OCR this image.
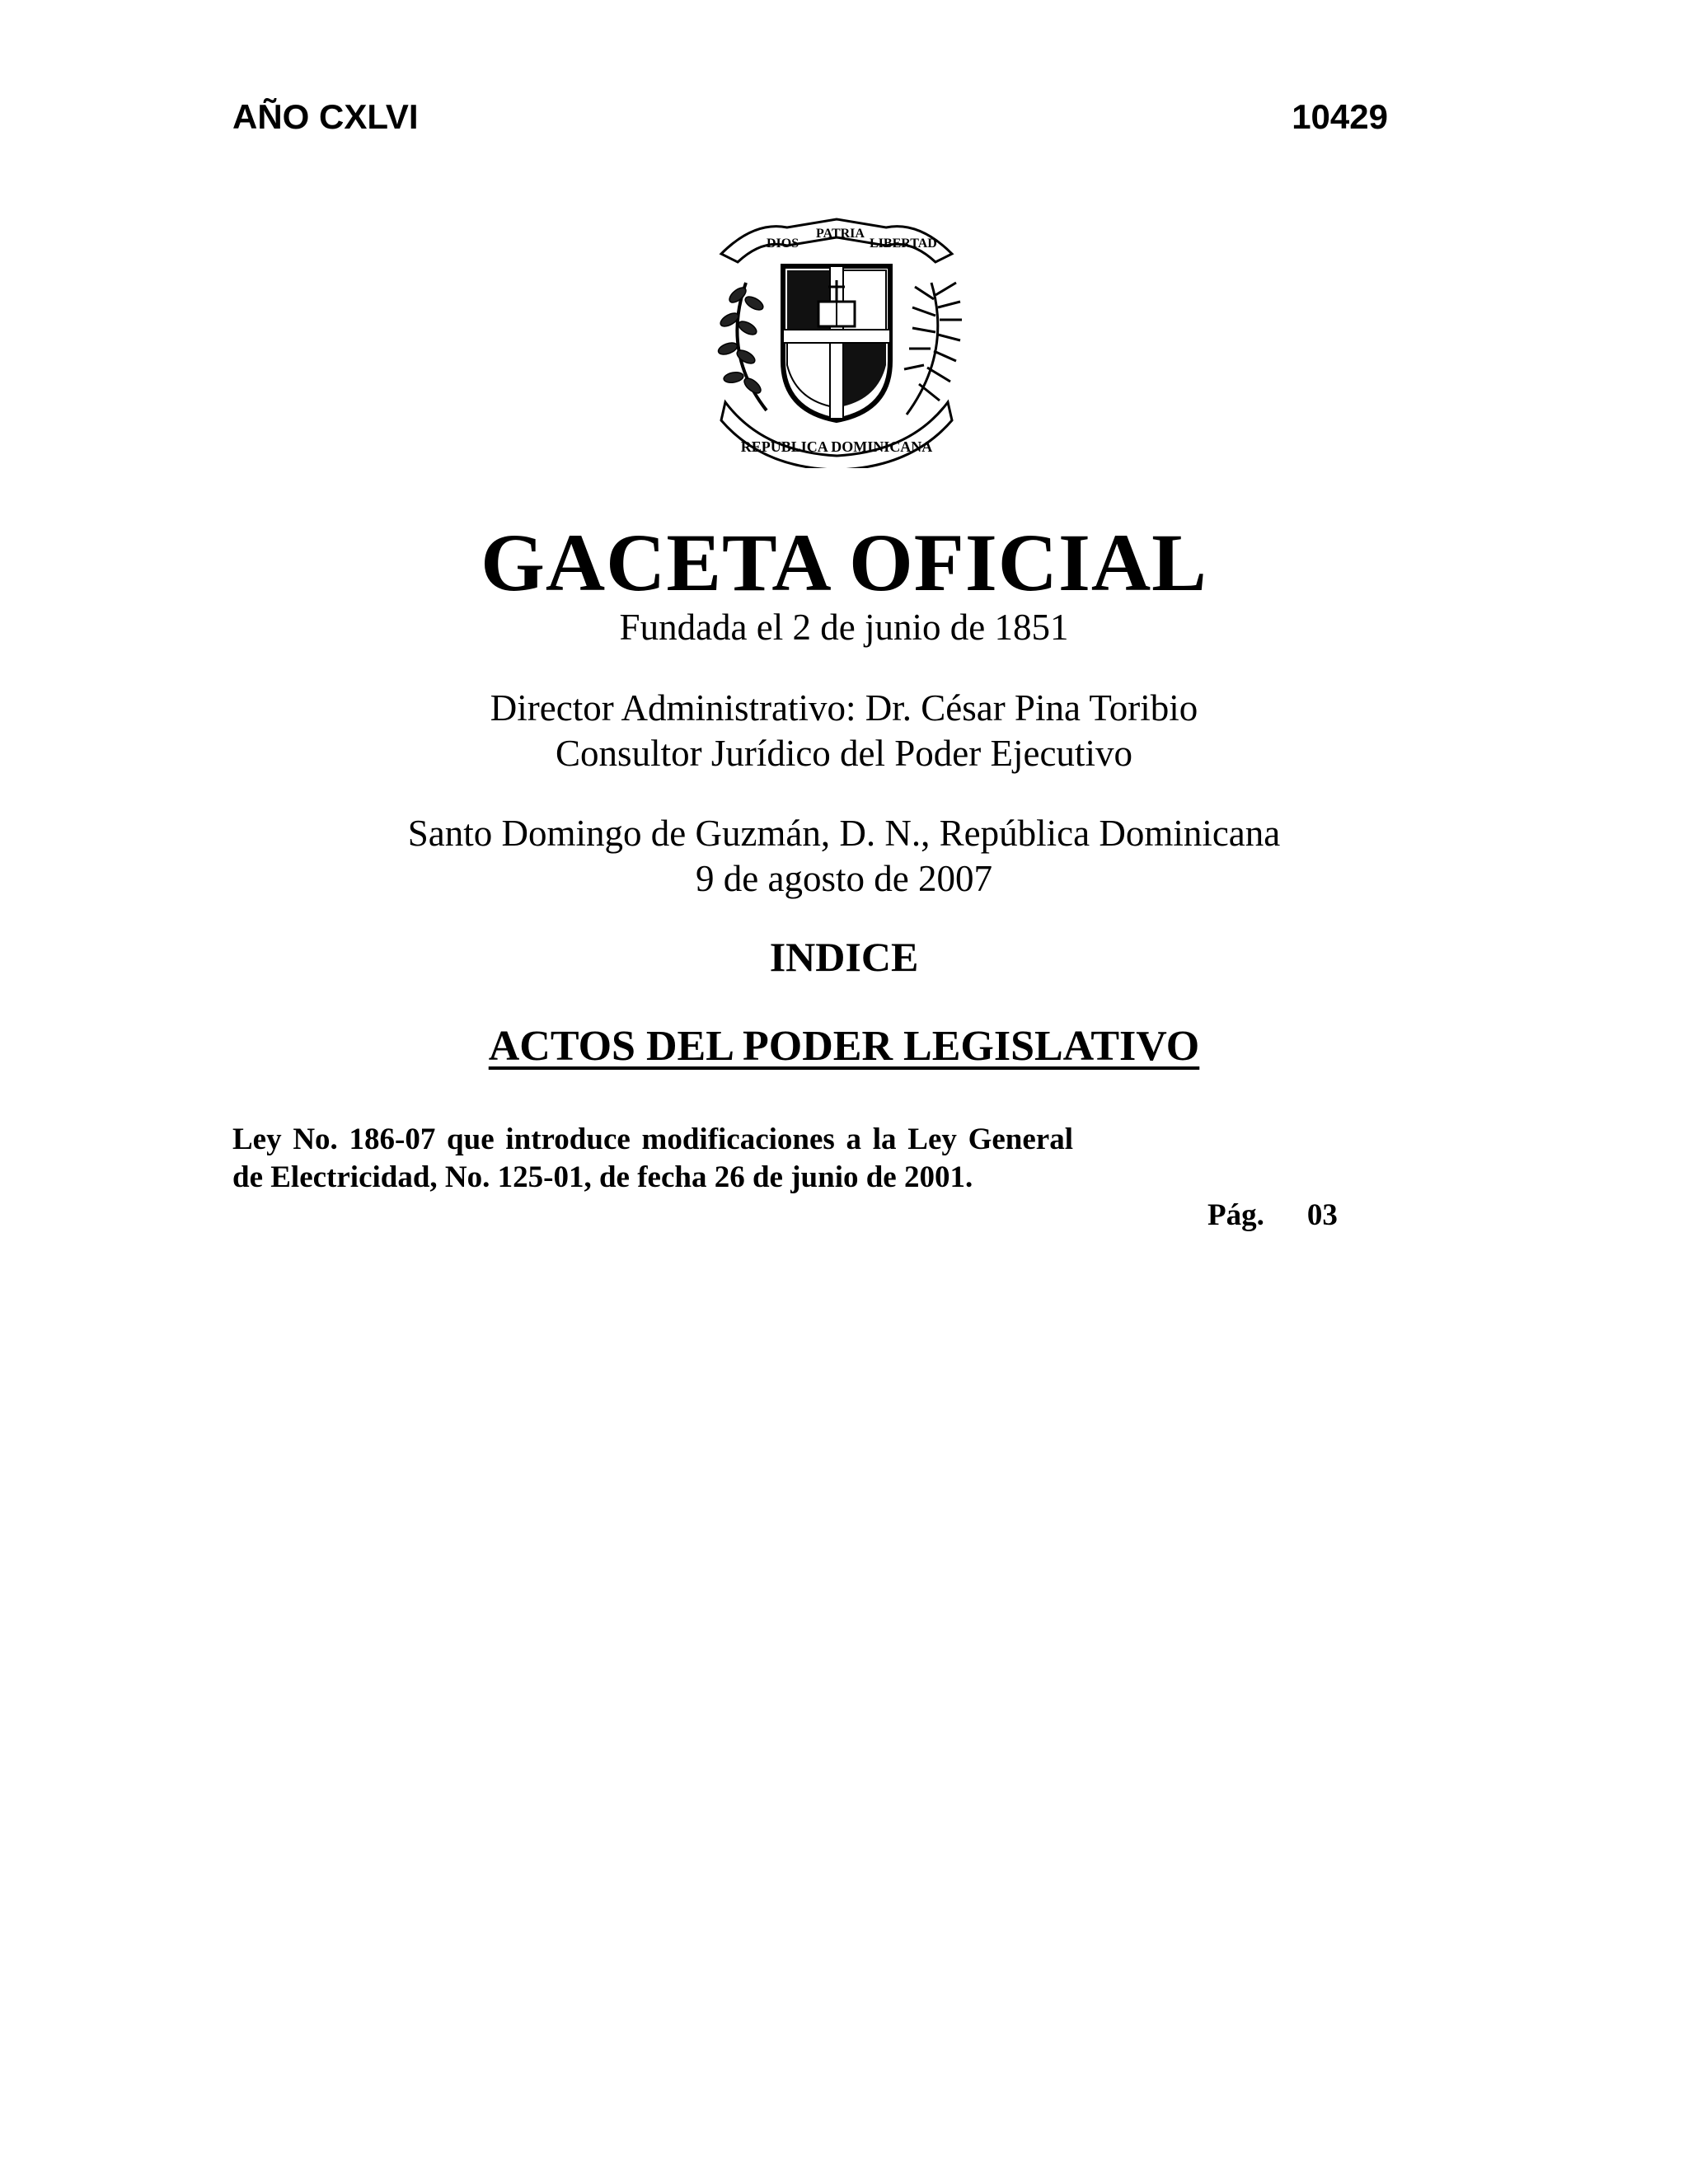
AÑO CXLVI	10429
DIOS
PATRIA
LIBERTAD
REPUBLICA DOMINICANA
GACETA OFICIAL
Fundada el 2 de junio de 1851
Director Administrativo: Dr. César Pina Toribio
Consultor Jurídico del Poder Ejecutivo
Santo Domingo de Guzmán, D. N., República Dominicana
9 de agosto de 2007
INDICE
ACTOS DEL PODER LEGISLATIVO
Ley No. 186-07 que introduce modificaciones a la Ley General de Electricidad, No. 125-01, de fecha 26 de junio de 2001.
Pág. 03
